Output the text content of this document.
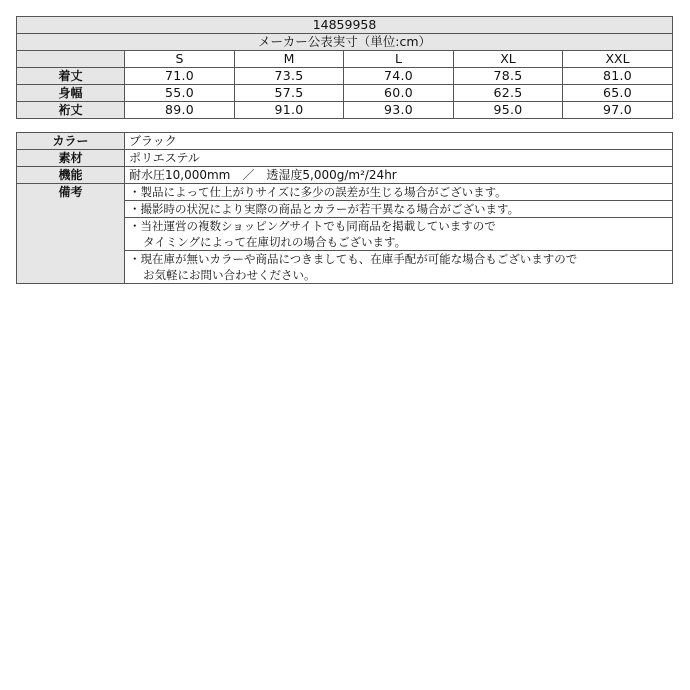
14859958					
メーカー公表実寸（単位:cm）					
	S	M	L	XL	XXL
着丈	71.0	73.5	74.0	78.5	81.0
身幅	55.0	57.5	60.0	62.5	65.0
裄丈	89.0	91.0	93.0	95.0	97.0
カラー	ブラック
素材	ポリエステル
機能	耐水圧10,000mm　／　透湿度5,000g/m²/24hr
備考	・製品によって仕上がりサイズに多少の誤差が生じる場合がございます。

	・撮影時の状況により実際の商品とカラーが若干異なる場合がございます。

	・当社運営の複数ショッピングサイトでも同商品を掲載していますので
タイミングによって在庫切れの場合もございます。

	・現在庫が無いカラーや商品につきましても、在庫手配が可能な場合もございますので
お気軽にお問い合わせください。
